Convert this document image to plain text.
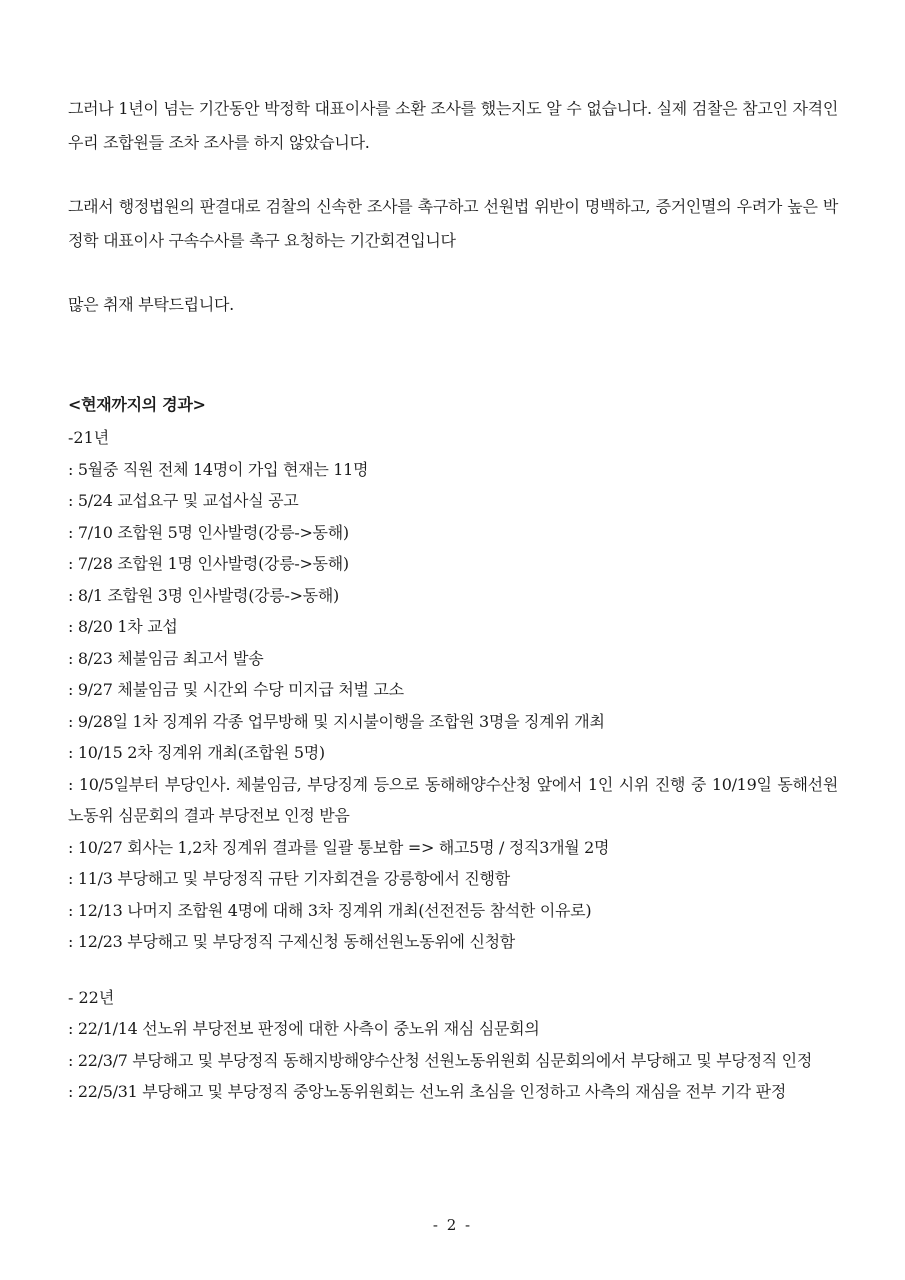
그러나 1년이 넘는 기간동안 박정학 대표이사를 소환 조사를 했는지도 알 수 없습니다. 실제 검찰은 참고인 자격인 우리 조합원들 조차 조사를 하지 않았습니다.

그래서 행정법원의 판결대로 검찰의 신속한 조사를 촉구하고 선원법 위반이 명백하고, 증거인멸의 우려가 높은 박정학 대표이사 구속수사를 촉구 요청하는 기간회견입니다

많은 취재 부탁드립니다.

<현재까지의 경과>

-21년

: 5월중 직원 전체 14명이 가입 현재는 11명

: 5/24 교섭요구 및 교섭사실 공고

: 7/10 조합원 5명 인사발령(강릉->동해)

: 7/28 조합원 1명 인사발령(강릉->동해)

: 8/1 조합원 3명 인사발령(강릉->동해)

: 8/20 1차 교섭

: 8/23 체불임금 최고서 발송

: 9/27 체불임금 및 시간외 수당 미지급 처벌 고소

: 9/28일 1차 징계위 각종 업무방해 및 지시불이행을 조합원 3명을 징계위 개최

: 10/15 2차 징계위 개최(조합원 5명)

: 10/5일부터 부당인사. 체불임금, 부당징계 등으로 동해해양수산청 앞에서 1인 시위 진행 중 10/19일 동해선원노동위 심문회의 결과 부당전보 인정 받음

: 10/27 회사는 1,2차 징계위 결과를 일괄 통보함 => 해고5명 / 정직3개월 2명

: 11/3 부당해고 및 부당정직 규탄 기자회견을 강릉항에서 진행함

: 12/13 나머지 조합원 4명에 대해 3차 징계위 개최(선전전등 참석한 이유로)

: 12/23 부당해고 및 부당정직 구제신청 동해선원노동위에 신청함

- 22년

: 22/1/14 선노위 부당전보 판정에 대한 사측이 중노위 재심 심문회의

: 22/3/7 부당해고 및 부당정직 동해지방해양수산청 선원노동위원회 심문회의에서 부당해고 및 부당정직 인정

: 22/5/31 부당해고 및 부당정직 중앙노동위원회는 선노위 초심을 인정하고 사측의 재심을 전부 기각 판정

- 2 -
